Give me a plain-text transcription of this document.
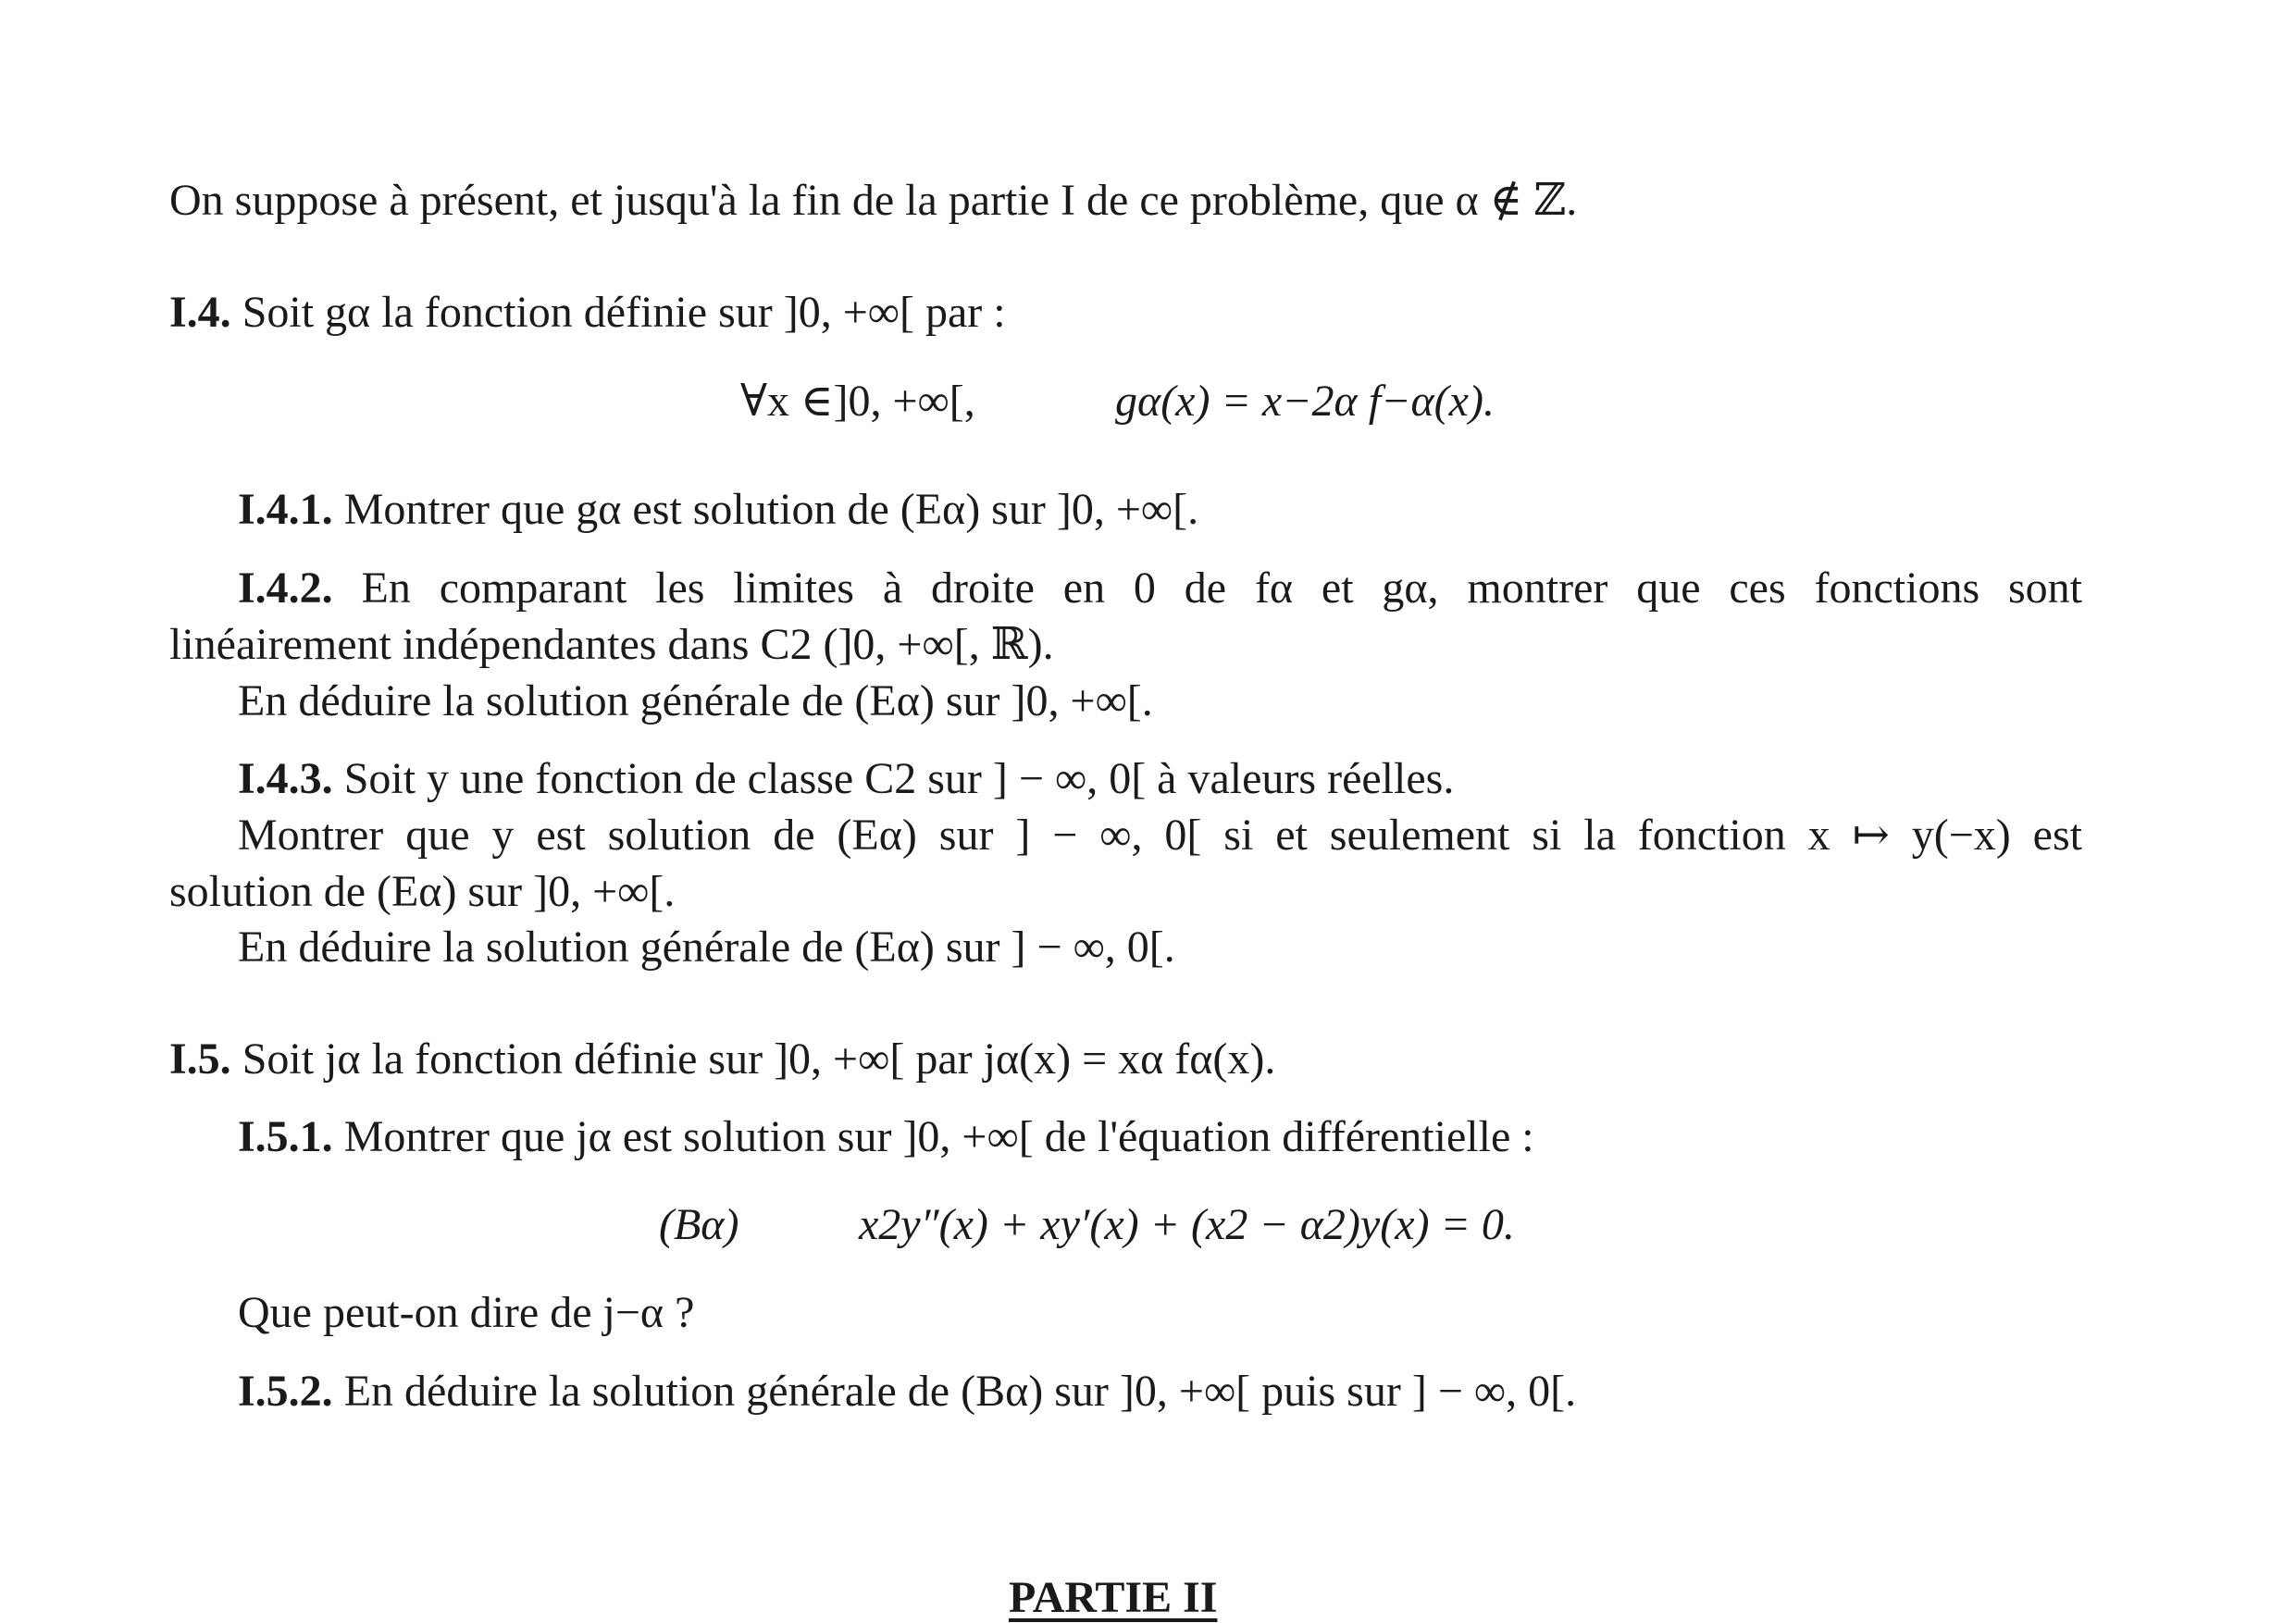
On suppose à présent, et jusqu'à la fin de la partie I de ce problème, que α ∉ ℤ.
I.4. Soit gα la fonction définie sur ]0, +∞[ par :
∀x ∈]0, +∞[,	gα(x) = x−2α f−α(x).
I.4.1. Montrer que gα est solution de (Eα) sur ]0, +∞[.
I.4.2. En comparant les limites à droite en 0 de fα et gα, montrer que ces fonctions sont
linéairement indépendantes dans C2 (]0, +∞[, ℝ).
En déduire la solution générale de (Eα) sur ]0, +∞[.
I.4.3. Soit y une fonction de classe C2 sur ] − ∞, 0[ à valeurs réelles.
Montrer que y est solution de (Eα) sur ] − ∞, 0[ si et seulement si la fonction x ↦ y(−x) est
solution de (Eα) sur ]0, +∞[.
En déduire la solution générale de (Eα) sur ] − ∞, 0[.
I.5. Soit jα la fonction définie sur ]0, +∞[ par jα(x) = xα fα(x).
I.5.1. Montrer que jα est solution sur ]0, +∞[ de l'équation différentielle :
(Bα)	x2y″(x) + xy′(x) + (x2 − α2)y(x) = 0.
Que peut-on dire de j−α ?
I.5.2. En déduire la solution générale de (Bα) sur ]0, +∞[ puis sur ] − ∞, 0[.
PARTIE II
